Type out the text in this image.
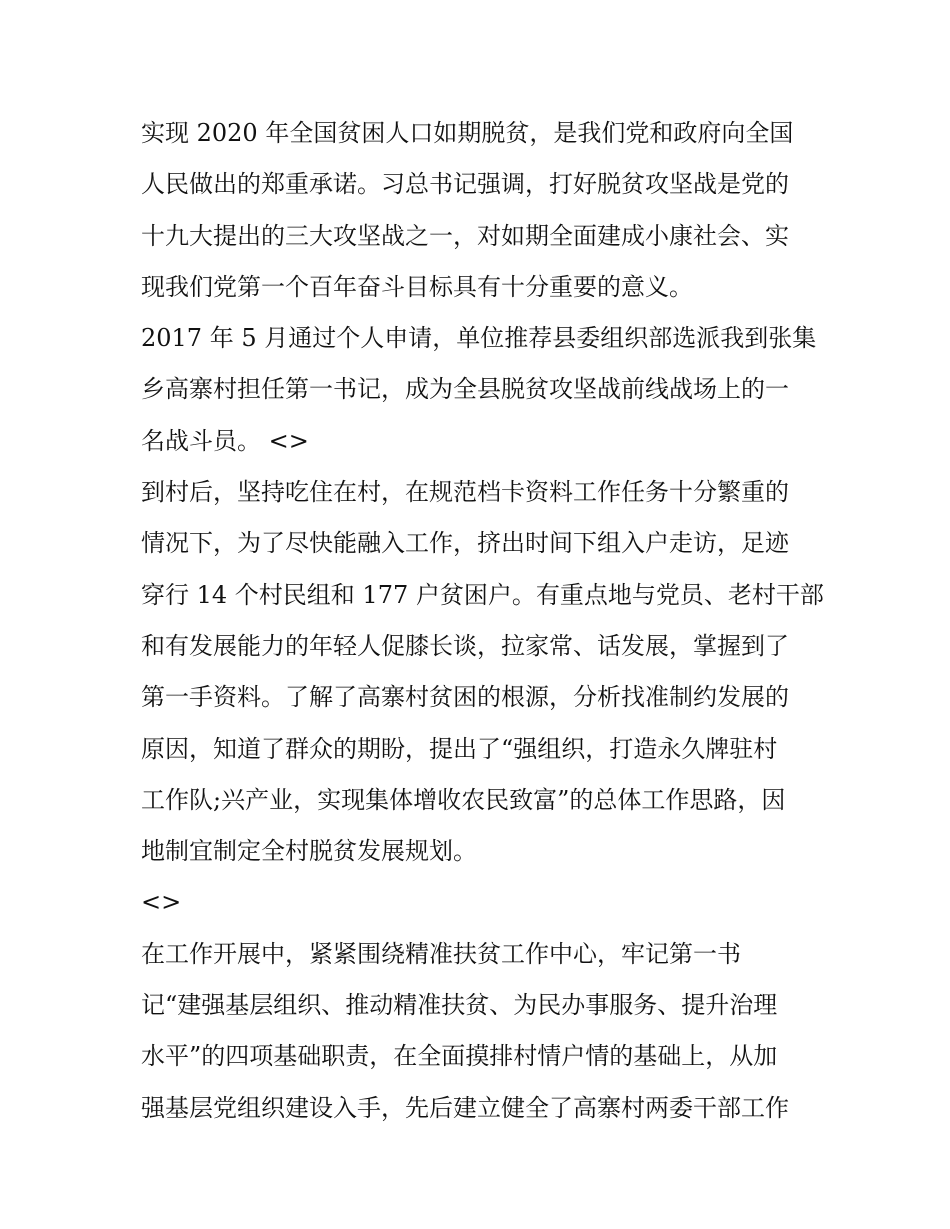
实现 2020 年全国贫困人口如期脱贫，是我们党和政府向全国
人民做出的郑重承诺。习总书记强调，打好脱贫攻坚战是党的
十九大提出的三大攻坚战之一，对如期全面建成小康社会、实
现我们党第一个百年奋斗目标具有十分重要的意义。
2017 年 5 月通过个人申请，单位推荐县委组织部选派我到张集
乡高寨村担任第一书记，成为全县脱贫攻坚战前线战场上的一
名战斗员。 <>
到村后，坚持吃住在村，在规范档卡资料工作任务十分繁重的
情况下，为了尽快能融入工作，挤出时间下组入户走访，足迹
穿行 14 个村民组和 177 户贫困户。有重点地与党员、老村干部
和有发展能力的年轻人促膝长谈，拉家常、话发展，掌握到了
第一手资料。了解了高寨村贫困的根源，分析找准制约发展的
原因，知道了群众的期盼，提出了“强组织，打造永久牌驻村
工作队;兴产业，实现集体增收农民致富”的总体工作思路，因
地制宜制定全村脱贫发展规划。
<>
在工作开展中，紧紧围绕精准扶贫工作中心，牢记第一书
记“建强基层组织、推动精准扶贫、为民办事服务、提升治理
水平”的四项基础职责，在全面摸排村情户情的基础上，从加
强基层党组织建设入手，先后建立健全了高寨村两委干部工作
